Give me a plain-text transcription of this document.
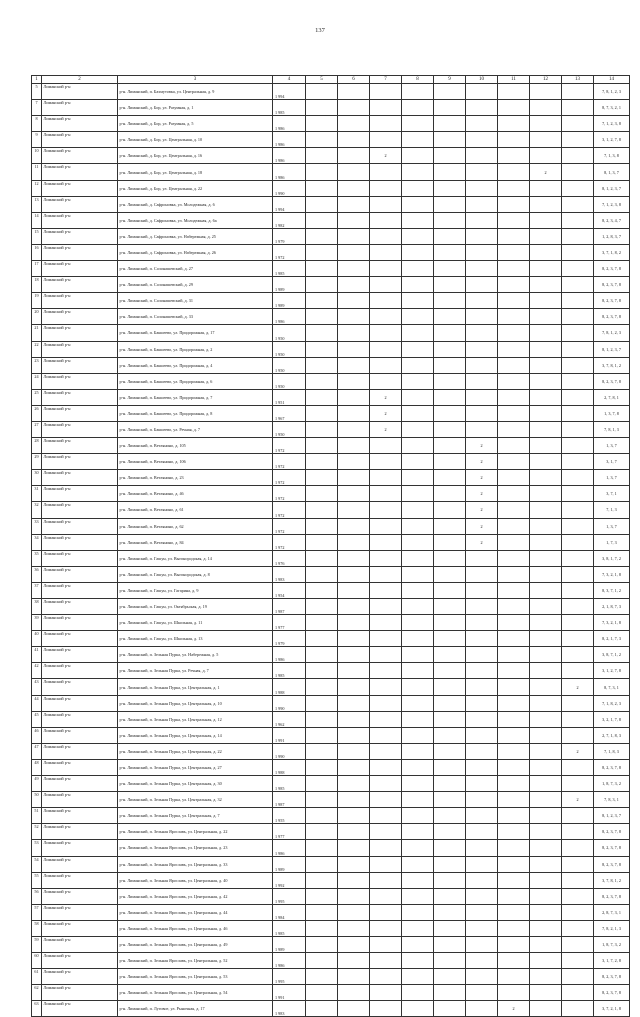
137
1	2	3	4	5	6	7	8	9	10	11	12	13	14
5	Лиманский р-н	р-н. Лиманский, п. Бахмутовка, ул. Центральная, д. 9	1 994										7, 8, 1, 2, 3
7	Лиманский р-н	р-н. Лиманский, д. Бор, ул. Разумная, д. 1	1 985										8, 7, 3, 2, 1
8	Лиманский р-н	р-н. Лиманский, д. Бор, ул. Разумная, д. 5	1 986										7, 1, 2, 3, 8
9	Лиманский р-н	р-н. Лиманский, д. Бор, ул. Центральная, д. 10	1 986										3, 1, 2, 7, 8
10	Лиманский р-н	р-н. Лиманский, д. Бор, ул. Центральная, д. 16	1 986			2							7, 1, 3, 8
11	Лиманский р-н	р-н. Лиманский, д. Бор, ул. Центральная, д. 18	1 986								2		8, 1, 3, 7
12	Лиманский р-н	р-н. Лиманский, д. Бор, ул. Центральная, д. 22	1 990										8, 1, 2, 3, 7
13	Лиманский р-н	р-н. Лиманский, д. Сафроновка, ул. Молодежная, д. 6	1 994										7, 1, 2, 3, 8
14	Лиманский р-н	р-н. Лиманский, д. Сафроновка, ул. Молодежная, д. 6а	1 982										8, 2, 3, 4, 7
15	Лиманский р-н	р-н. Лиманский, д. Сафроновка, ул. Набережная, д. 25	1 979										1, 2, 8, 3, 7
16	Лиманский р-н	р-н. Лиманский, д. Сафроновка, ул. Набережная, д. 26	1 972										3, 7, 1, 8, 2
17	Лиманский р-н	р-н. Лиманский, п. Солонашевский, д. 27	1 985										8, 2, 3, 7, 8
18	Лиманский р-н	р-н. Лиманский, п. Солонашевский, д. 29	1 989										8, 2, 3, 7, 8
19	Лиманский р-н	р-н. Лиманский, п. Солонашевский, д. 31	1 989										8, 2, 3, 7, 8
20	Лиманский р-н	р-н. Лиманский, п. Солонашевский, д. 33	1 986										8, 2, 3, 7, 8
21	Лиманский р-н	р-н. Лиманский, п. Бакшеево, ул. Придорожная, д. 17	1 950										7, 8, 1, 2, 3
22	Лиманский р-н	р-н. Лиманский, п. Бакшеево, ул. Придорожная, д. 2	1 950										8, 1, 2, 3, 7
23	Лиманский р-н	р-н. Лиманский, п. Бакшеево, ул. Придорожная, д. 4	1 950										3, 7, 8, 1, 2
24	Лиманский р-н	р-н. Лиманский, п. Бакшеево, ул. Придорожная, д. 6	1 950										8, 2, 3, 7, 8
25	Лиманский р-н	р-н. Лиманский, п. Бакшеево, ул. Придорожная, д. 7	1 951			2							2, 7, 8, 1
26	Лиманский р-н	р-н. Лиманский, п. Бакшеево, ул. Придорожная, д. 8	1 967			2							1, 3, 7, 8
27	Лиманский р-н	р-н. Лиманский, п. Бакшеево, ул. Речная, д. 7	1 950			2							7, 8, 1, 3
28	Лиманский р-н	р-н. Лиманский, п. Ветлянино, д. 105	1 972						2				1, 3, 7
29	Лиманский р-н	р-н. Лиманский, п. Ветлянино, д. 106	1 972						2				3, 1, 7
30	Лиманский р-н	р-н. Лиманский, п. Ветлянино, д. 23	1 972						2				1, 3, 7
31	Лиманский р-н	р-н. Лиманский, п. Ветлянино, д. 46	1 972						2				3, 7, 1
32	Лиманский р-н	р-н. Лиманский, п. Ветлянино, д. 61	1 972						2				7, 1, 3
33	Лиманский р-н	р-н. Лиманский, п. Ветлянино, д. 62	1 972						2				1, 3, 7
34	Лиманский р-н	р-н. Лиманский, п. Ветлянино, д. 84	1 972						2				1, 7, 3
35	Лиманский р-н	р-н. Лиманский, п. Гашун, ул. Выгонородская, д. 14	1 976										3, 8, 1, 7, 2
36	Лиманский р-н	р-н. Лиманский, п. Гашун, ул. Выгонородская, д. 8	1 983										7, 3, 2, 1, 8
37	Лиманский р-н	р-н. Лиманский, п. Гашун, ул. Гагарина, д. 9	1 954										8, 3, 7, 1, 2
38	Лиманский р-н	р-н. Лиманский, п. Гашун, ул. Октябрьская, д. 19	1 987										2, 1, 8, 7, 3
39	Лиманский р-н	р-н. Лиманский, п. Гашун, ул. Школьная, д. 11	1 977										7, 3, 2, 1, 8
40	Лиманский р-н	р-н. Лиманский, п. Гашун, ул. Школьная, д. 13	1 979										8, 2, 1, 7, 3
41	Лиманский р-н	р-н. Лиманский, п. Зельная Пурка, ул. Набережная, д. 5	1 986										3, 8, 7, 1, 2
42	Лиманский р-н	р-н. Лиманский, п. Зельная Пурка, ул. Речная, д. 7	1 985										3, 1, 2, 7, 8
43	Лиманский р-н	р-н. Лиманский, п. Зельная Пурка, ул. Центральная, д. 1	1 988									2	8, 7, 3, 1
44	Лиманский р-н	р-н. Лиманский, п. Зельная Пурка, ул. Центральная, д. 10	1 990										7, 1, 8, 2, 3
45	Лиманский р-н	р-н. Лиманский, п. Зельная Пурка, ул. Центральная, д. 12	1 962										3, 2, 1, 7, 8
46	Лиманский р-н	р-н. Лиманский, п. Зельная Пурка, ул. Центральная, д. 14	1 991										2, 7, 1, 8, 3
47	Лиманский р-н	р-н. Лиманский, п. Зельная Пурка, ул. Центральная, д. 22	1 990									2	7, 1, 8, 3
48	Лиманский р-н	р-н. Лиманский, п. Зельная Пурка, ул. Центральная, д. 27	1 988										8, 2, 3, 7, 8
49	Лиманский р-н	р-н. Лиманский, п. Зельная Пурка, ул. Центральная, д. 30	1 985										1, 8, 7, 3, 2
50	Лиманский р-н	р-н. Лиманский, п. Зельная Пурка, ул. Центральная, д. 32	1 987									2	7, 8, 3, 1
51	Лиманский р-н	р-н. Лиманский, п. Зельная Пурка, ул. Центральная, д. 7	1 955										8, 1, 2, 3, 7
52	Лиманский р-н	р-н. Лиманский, п. Зельная Ярославь, ул. Центральная, д. 22	1 977										8, 2, 3, 7, 8
53	Лиманский р-н	р-н. Лиманский, п. Зельная Ярославь, ул. Центральная, д. 23	1 986										8, 2, 3, 7, 8
54	Лиманский р-н	р-н. Лиманский, п. Зельная Ярославь, ул. Центральная, д. 33	1 989										8, 2, 3, 7, 8
55	Лиманский р-н	р-н. Лиманский, п. Зельная Ярославь, ул. Центральная, д. 40	1 992										3, 7, 8, 1, 2
56	Лиманский р-н	р-н. Лиманский, п. Зельная Ярославь, ул. Центральная, д. 42	1 995										8, 2, 3, 7, 8
57	Лиманский р-н	р-н. Лиманский, п. Зельная Ярославь, ул. Центральная, д. 44	1 984										2, 8, 7, 3, 1
58	Лиманский р-н	р-н. Лиманский, п. Зельная Ярославь, ул. Центральная, д. 46	1 985										7, 8, 2, 1, 3
59	Лиманский р-н	р-н. Лиманский, п. Зельная Ярославь, ул. Центральная, д. 49	1 989										1, 8, 7, 3, 2
60	Лиманский р-н	р-н. Лиманский, п. Зельная Ярославь, ул. Центральная, д. 52	1 986										3, 1, 7, 2, 8
61	Лиманский р-н	р-н. Лиманский, п. Зельная Ярославь, ул. Центральная, д. 53	1 995										8, 2, 3, 7, 8
62	Лиманский р-н	р-н. Лиманский, п. Зельная Ярославь, ул. Центральная, д. 54	1 991										8, 2, 3, 7, 8
63	Лиманский р-н	р-н. Лиманский, п. Луговое, ул. Рыночная, д. 17	1 983							2			3, 7, 2, 1, 8
